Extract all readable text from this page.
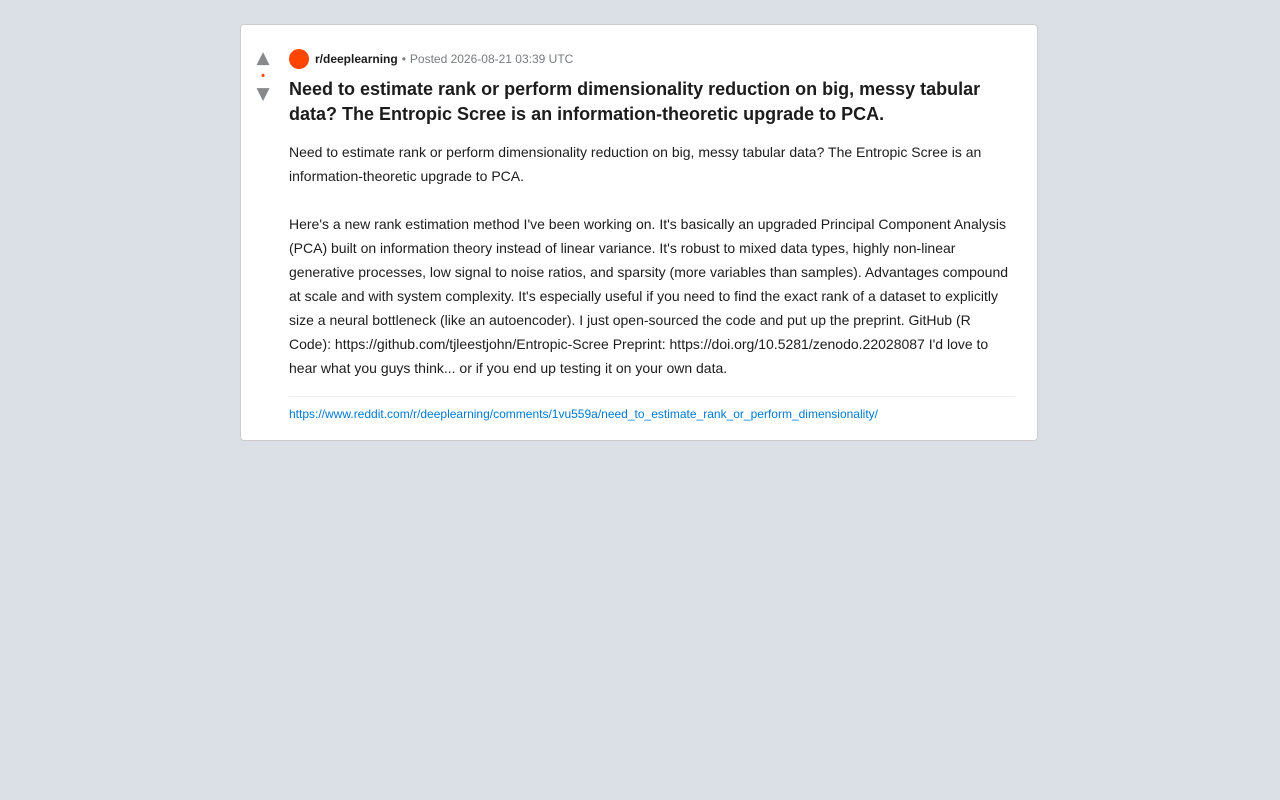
▲
•
▼
r/deeplearning • Posted 2026-08-21 03:39 UTC
Need to estimate rank or perform dimensionality reduction on big, messy tabular data? The Entropic Scree is an information-theoretic upgrade to PCA.
Need to estimate rank or perform dimensionality reduction on big, messy tabular data? The Entropic Scree is an information-theoretic upgrade to PCA.

Here's a new rank estimation method I've been working on. It's basically an upgraded Principal Component Analysis (PCA) built on information theory instead of linear variance. It's robust to mixed data types, highly non-linear generative processes, low signal to noise ratios, and sparsity (more variables than samples). Advantages compound at scale and with system complexity. It's especially useful if you need to find the exact rank of a dataset to explicitly size a neural bottleneck (like an autoencoder). I just open-sourced the code and put up the preprint. GitHub (R Code): https://github.com/tjleestjohn/Entropic-Scree Preprint: https://doi.org/10.5281/zenodo.22028087 I'd love to hear what you guys think... or if you end up testing it on your own data.
https://www.reddit.com/r/deeplearning/comments/1vu559a/need_to_estimate_rank_or_perform_dimensionality/
